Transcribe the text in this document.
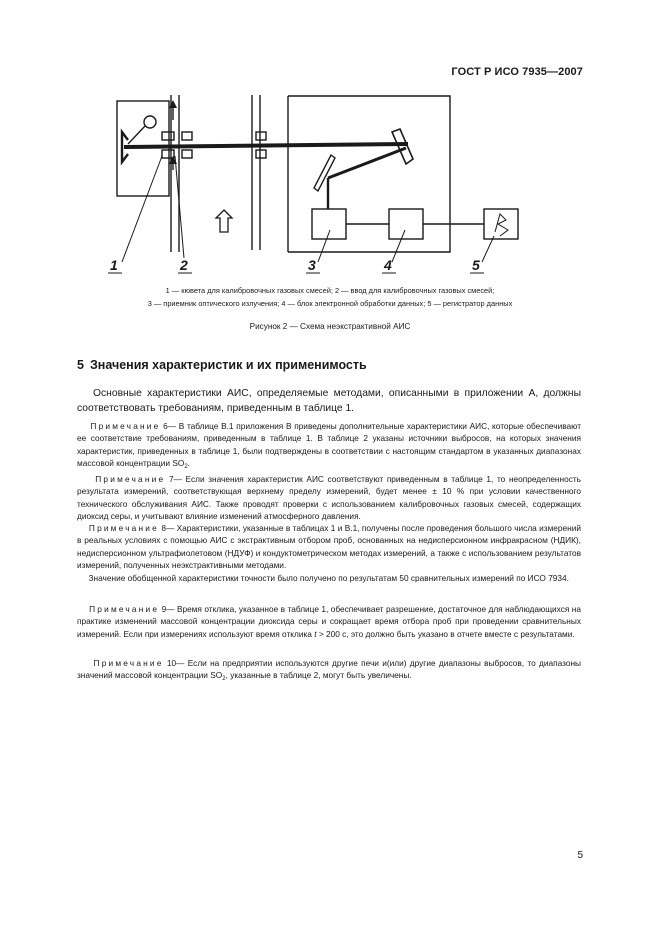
ГОСТ Р ИСО 7935—2007
1	2	3	4	5
1 — кювета для калибровочных газовых смесей; 2 — ввод для калибровочных газовых смесей;
3 — приемник оптического излучения; 4 — блок электронной обработки данных; 5 — регистратор данных
Рисунок 2 — Схема неэкстрактивной АИС
5 Значения характеристик и их применимость

Основные характеристики АИС, определяемые методами, описанными в приложении А, должны соответствовать требованиям, приведенным в таблице 1.

Примечание 6— В таблице В.1 приложения В приведены дополнительные характеристики АИС, которые обеспечивают ее соответствие требованиям, приведенным в таблице 1. В таблице 2 указаны источники выбросов, на которых значения характеристик, приведенных в таблице 1, были подтверждены в соответствии с настоящим стандартом в указанных диапазонах массовой концентрации $SO_2$.

Примечание 7— Если значения характеристик АИС соответствуют приведенным в таблице 1, то неопределенность результата измерений, соответствующая верхнему пределу измерений, будет менее ± 10 % при условии качественного технического обслуживания АИС. Также проводят проверки с использованием калибровочных газовых смесей, содержащих диоксид серы, и учитывают влияние изменений атмосферного давления.

Примечание 8— Характеристики, указанные в таблицах 1 и В.1, получены после проведения большого числа измерений в реальных условиях с помощью АИС с экстрактивным отбором проб, основанных на недисперсионном инфракрасном (НДИК), недисперсионном ультрафиолетовом (НДУФ) и кондуктометрическом методах измерений, а также с использованием результатов измерений, полученных неэкстрактивными методами.

Значение обобщенной характеристики точности было получено по результатам 50 сравнительных измерений по ИСО 7934.

Примечание 9— Время отклика, указанное в таблице 1, обеспечивает разрешение, достаточное для наблюдающихся на практике изменений массовой концентрации диоксида серы и сокращает время отбора проб при проведении сравнительных измерений. Если при измерениях используют время отклика t > 200 с, это должно быть указано в отчете вместе с результатами.

Примечание 10— Если на предприятии используются другие печи и(или) другие диапазоны выбросов, то диапазоны значений массовой концентрации $SO_2$, указанные в таблице 2, могут быть увеличены.

5
